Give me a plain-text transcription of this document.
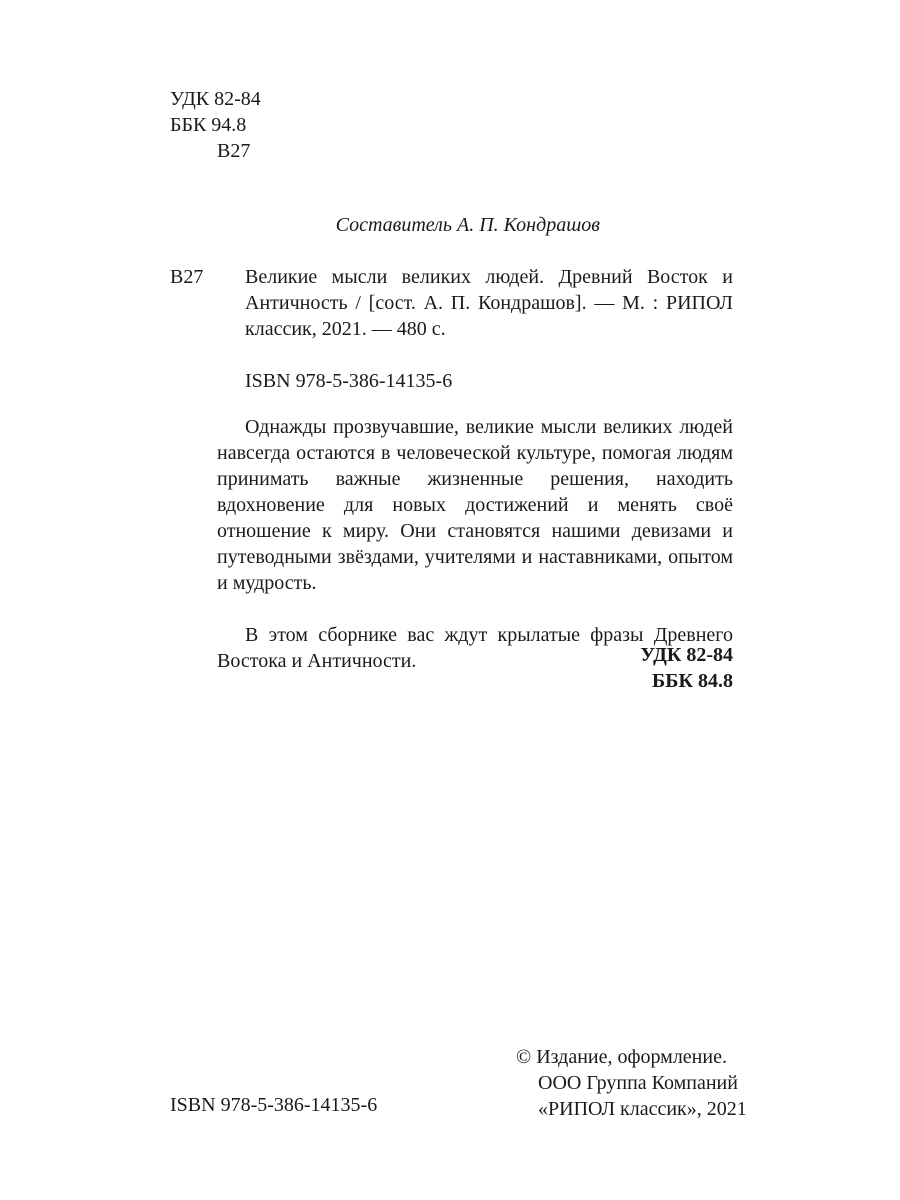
УДК 82-84
ББК 94.8
В27
Составитель А. П. Кондрашов
В27 Великие мысли великих людей. Древний Восток и Античность / [сост. А. П. Кондрашов]. — М. : РИПОЛ классик, 2021. — 480 с.

ISBN 978-5-386-14135-6

Однажды прозвучавшие, великие мысли великих людей навсегда остаются в человеческой культуре, помогая людям принимать важные жизненные решения, находить вдохновение для новых достижений и менять своё отношение к миру. Они становятся нашими девизами и путеводными звёздами, учителями и наставниками, опытом и мудрость.

В этом сборнике вас ждут крылатые фразы Древнего Востока и Античности.	УДК 82-84
ББК 84.8
© Издание, оформление.
ООО Группа Компаний
«РИПОЛ классик», 2021
ISBN 978-5-386-14135-6
